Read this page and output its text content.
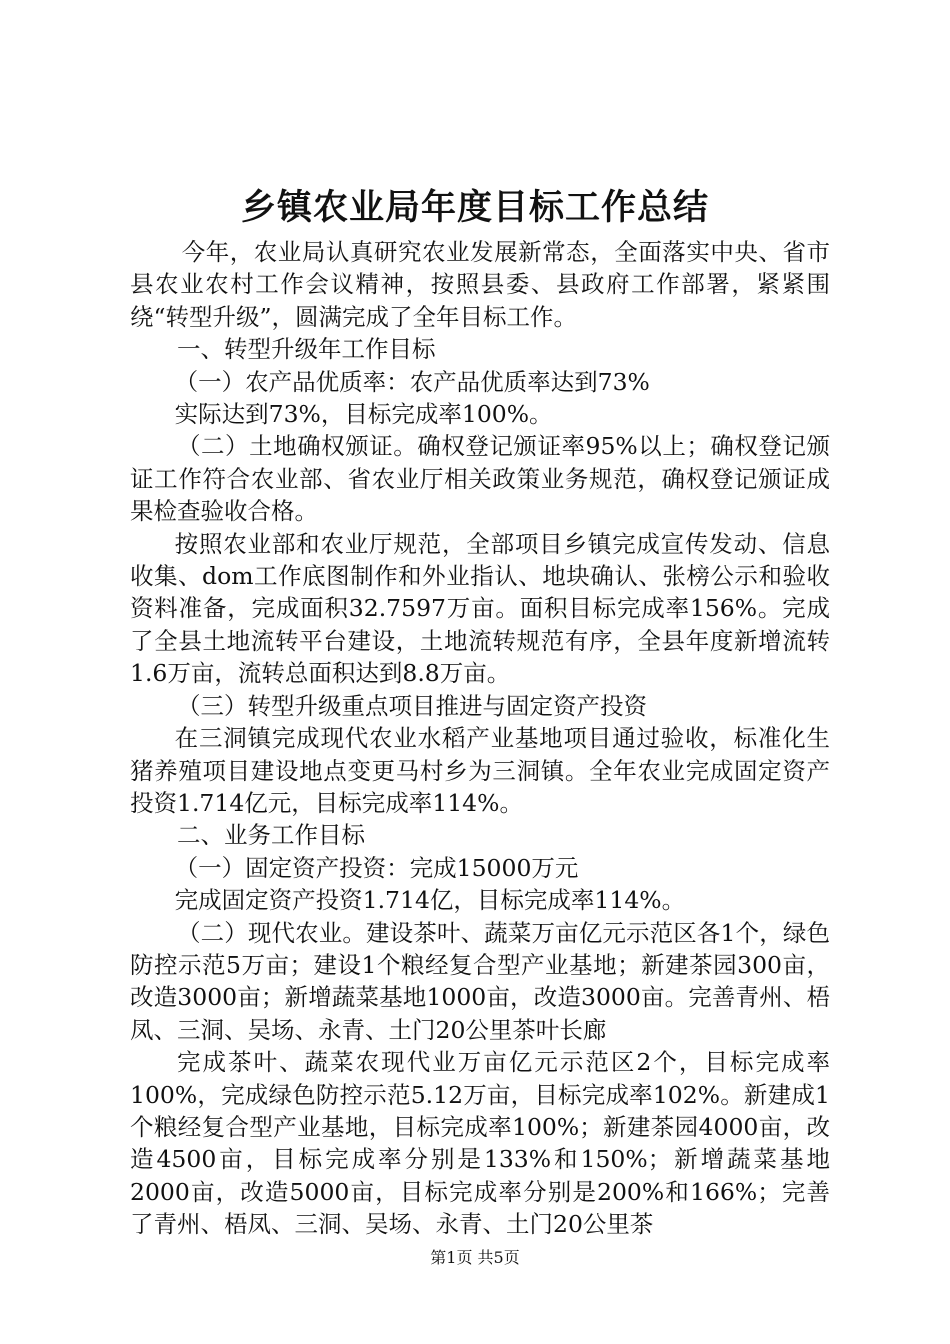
乡镇农业局年度目标工作总结

今年，农业局认真研究农业发展新常态，全面落实中央、省市县农业农村工作会议精神，按照县委、县政府工作部署，紧紧围绕“转型升级”，圆满完成了全年目标工作。

一、转型升级年工作目标

（一）农产品优质率：农产品优质率达到73%

实际达到73%，目标完成率100%。

（二）土地确权颁证。确权登记颁证率95%以上；确权登记颁证工作符合农业部、省农业厅相关政策业务规范，确权登记颁证成果检查验收合格。

按照农业部和农业厅规范，全部项目乡镇完成宣传发动、信息收集、dom工作底图制作和外业指认、地块确认、张榜公示和验收资料准备，完成面积32.7597万亩。面积目标完成率156%。完成了全县土地流转平台建设，土地流转规范有序，全县年度新增流转1.6万亩，流转总面积达到8.8万亩。

（三）转型升级重点项目推进与固定资产投资

在三洞镇完成现代农业水稻产业基地项目通过验收，标准化生猪养殖项目建设地点变更马村乡为三洞镇。全年农业完成固定资产投资1.714亿元，目标完成率114%。

二、业务工作目标

（一）固定资产投资：完成15000万元

完成固定资产投资1.714亿，目标完成率114%。

（二）现代农业。建设茶叶、蔬菜万亩亿元示范区各1个，绿色防控示范5万亩；建设1个粮经复合型产业基地；新建茶园300亩，改造3000亩；新增蔬菜基地1000亩，改造3000亩。完善青州、梧凤、三洞、吴场、永青、土门20公里茶叶长廊

完成茶叶、蔬菜农现代业万亩亿元示范区2个，目标完成率100%，完成绿色防控示范5.12万亩，目标完成率102%。新建成1个粮经复合型产业基地，目标完成率100%；新建茶园4000亩，改造4500亩，目标完成率分别是133%和150%；新增蔬菜基地2000亩，改造5000亩，目标完成率分别是200%和166%；完善了青州、梧凤、三洞、吴场、永青、土门20公里茶

第1页 共5页
